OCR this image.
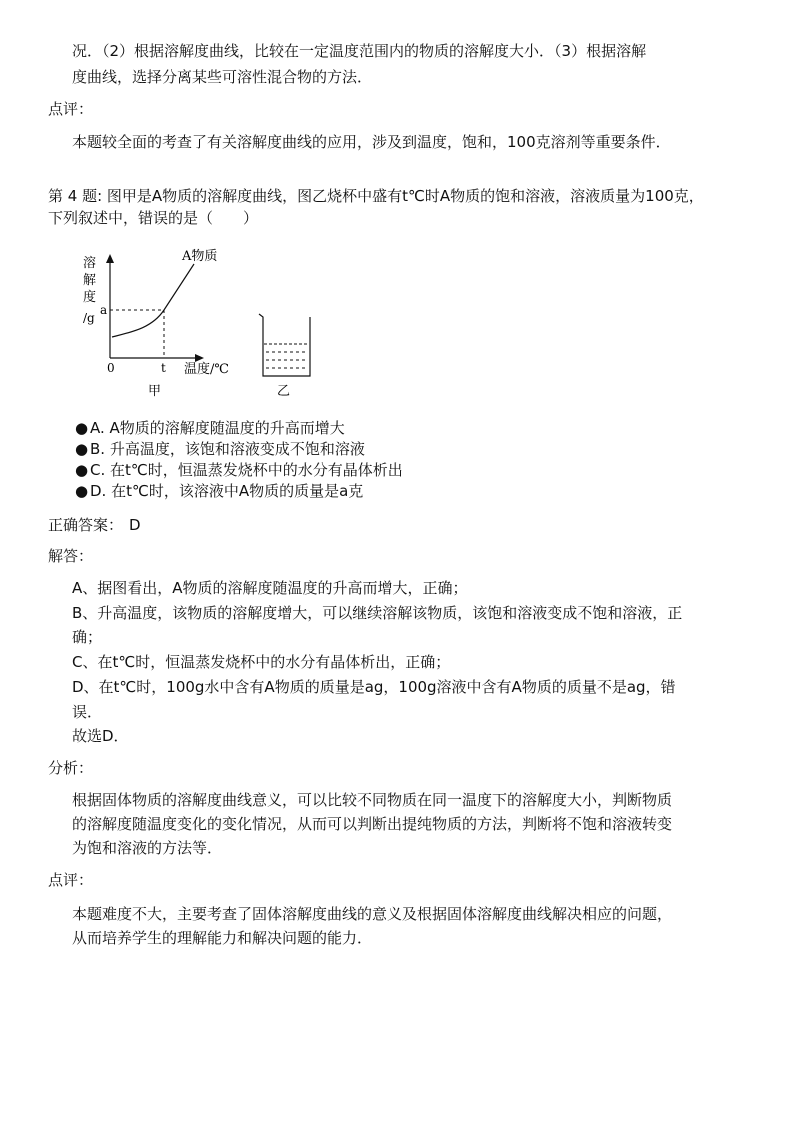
况．（2）根据溶解度曲线，比较在一定温度范围内的物质的溶解度大小．（3）根据溶解
度曲线，选择分离某些可溶性混合物的方法．
点评：
本题较全面的考查了有关溶解度曲线的应用，涉及到温度，饱和，100克溶剂等重要条件．
第 4 题: 图甲是A物质的溶解度曲线，图乙烧杯中盛有t℃时A物质的饱和溶液，溶液质量为100克，
下列叙述中，错误的是（　　）
溶
解
度
/g
a
0	t 温度/℃
A物质
甲	乙
● A. A物质的溶解度随温度的升高而增大
● B. 升高温度，该饱和溶液变成不饱和溶液
● C. 在t℃时，恒温蒸发烧杯中的水分有晶体析出
● D. 在t℃时，该溶液中A物质的质量是a克
正确答案： D
解答：
A、据图看出，A物质的溶解度随温度的升高而增大，正确；
B、升高温度，该物质的溶解度增大，可以继续溶解该物质，该饱和溶液变成不饱和溶液，正
确；
C、在t℃时，恒温蒸发烧杯中的水分有晶体析出，正确；
D、在t℃时，100g水中含有A物质的质量是ag，100g溶液中含有A物质的质量不是ag，错
误．
故选D．
分析：
根据固体物质的溶解度曲线意义，可以比较不同物质在同一温度下的溶解度大小，判断物质
的溶解度随温度变化的变化情况，从而可以判断出提纯物质的方法，判断将不饱和溶液转变
为饱和溶液的方法等．
点评：
本题难度不大，主要考查了固体溶解度曲线的意义及根据固体溶解度曲线解决相应的问题，
从而培养学生的理解能力和解决问题的能力．
